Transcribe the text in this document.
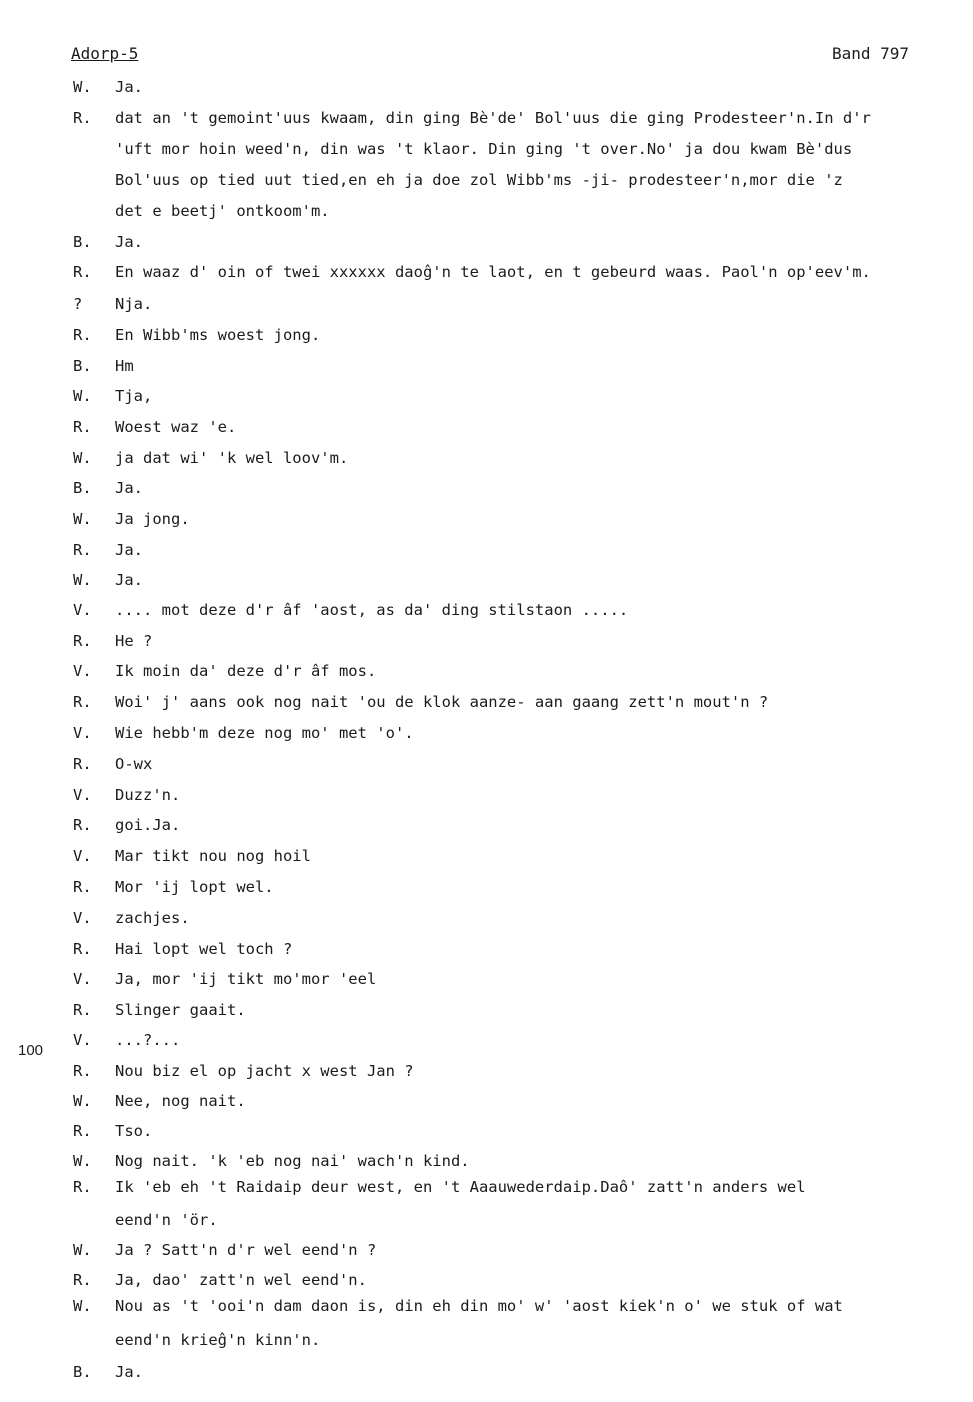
Adorp-5	Band 797
100
W.	Ja.
R.	dat an 't gemoint'uus kwaam, din ging Bè'de' Bol'uus die ging Prodesteer'n.In d'r
'uft mor hoin weed'n, din was 't klaor. Din ging 't over.No' ja dou kwam Bè'dus
Bol'uus op tied uut tied,en eh ja doe zol Wibb'ms -ji- prodesteer'n,mor die 'z
det e beetj' ontkoom'm.
B.	Ja.
R.	En waaz d' oin of twei xxxxxx daoĝ'n te laot, en t gebeurd waas. Paol'n op'eev'm.
?	Nja.
R.	En Wibb'ms woest jong.
B.	Hm
W.	Tja,
R.	Woest waz 'e.
W.	ja dat wi' 'k wel loov'm.
B.	Ja.
W.	Ja jong.
R.	Ja.
W.	Ja.
V.	.... mot deze d'r âf 'aost, as da' ding stilstaon .....
R.	He ?
V.	Ik moin da' deze d'r âf mos.
R.	Woi' j' aans ook nog nait 'ou de klok aanze- aan gaang zett'n mout'n ?
V.	Wie hebb'm deze nog mo' met 'o'.
R.	O-wx
V.	Duzz'n.
R.	goi.Ja.
V.	Mar tikt nou nog hoil
R.	Mor 'ij lopt wel.
V.	zachjes.
R.	Hai lopt wel toch ?
V.	Ja, mor 'ij tikt mo'mor 'eel
R.	Slinger gaait.
V.	...?...
R.	Nou biz el op jacht x west Jan ?
W.	Nee, nog nait.
R.	Tso.
W.	Nog nait. 'k 'eb nog nai' wach'n kind.
R.	Ik 'eb eh 't Raidaip deur west, en 't Aaauwederdaip.Daô' zatt'n anders wel
eend'n 'ör.
W.	Ja ? Satt'n d'r wel eend'n ?
R.	Ja, dao' zatt'n wel eend'n.
W.	Nou as 't 'ooi'n dam daon is, din eh din mo' w' 'aost kiek'n o' we stuk of wat
eend'n krieĝ'n kinn'n.
B.	Ja.
